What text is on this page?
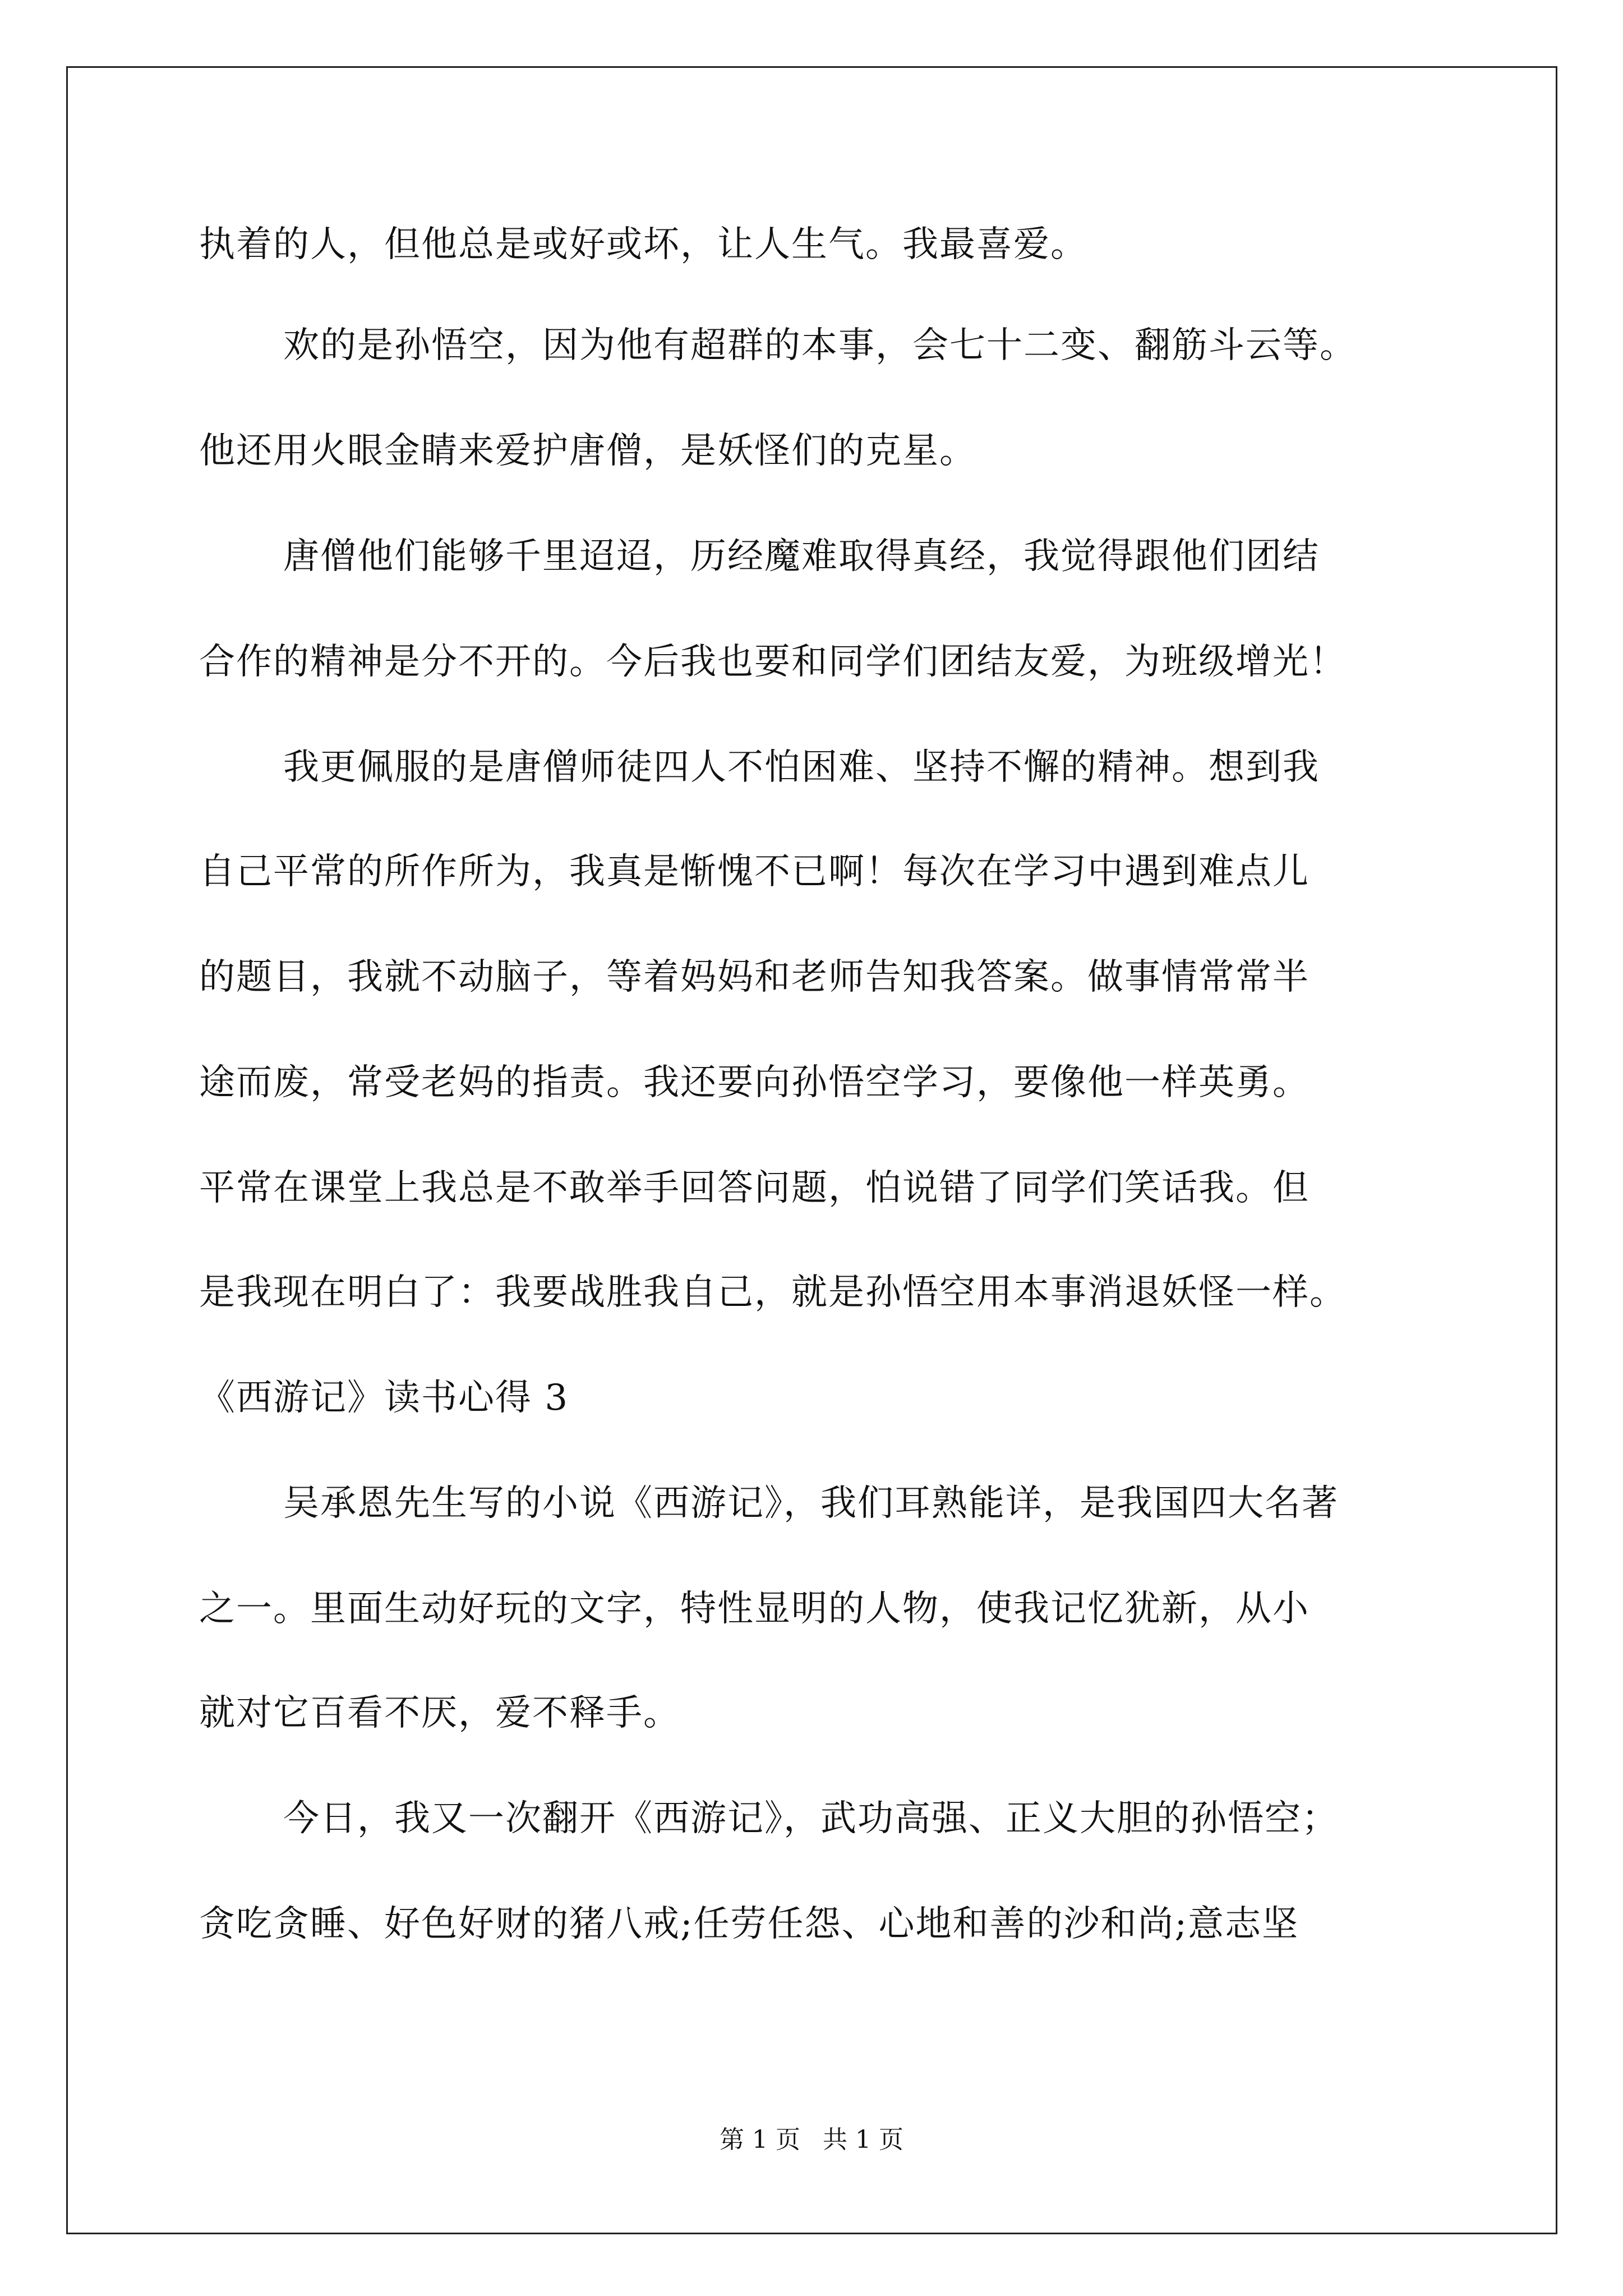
执着的人，但他总是或好或坏，让人生气。我最喜爱。
欢的是孙悟空，因为他有超群的本事，会七十二变、翻筋斗云等。
他还用火眼金睛来爱护唐僧，是妖怪们的克星。
唐僧他们能够千里迢迢，历经魔难取得真经，我觉得跟他们团结
合作的精神是分不开的。今后我也要和同学们团结友爱，为班级增光！
我更佩服的是唐僧师徒四人不怕困难、坚持不懈的精神。想到我
自己平常的所作所为，我真是惭愧不已啊！每次在学习中遇到难点儿
的题目，我就不动脑子，等着妈妈和老师告知我答案。做事情常常半
途而废，常受老妈的指责。我还要向孙悟空学习，要像他一样英勇。
平常在课堂上我总是不敢举手回答问题，怕说错了同学们笑话我。但
是我现在明白了：我要战胜我自己，就是孙悟空用本事消退妖怪一样。
《西游记》读书心得 3
吴承恩先生写的小说《西游记》，我们耳熟能详，是我国四大名著
之一。里面生动好玩的文字，特性显明的人物，使我记忆犹新，从小
就对它百看不厌，爱不释手。
今日，我又一次翻开《西游记》，武功高强、正义大胆的孙悟空；
贪吃贪睡、好色好财的猪八戒;任劳任怨、心地和善的沙和尚;意志坚
第 1 页 共 1 页
